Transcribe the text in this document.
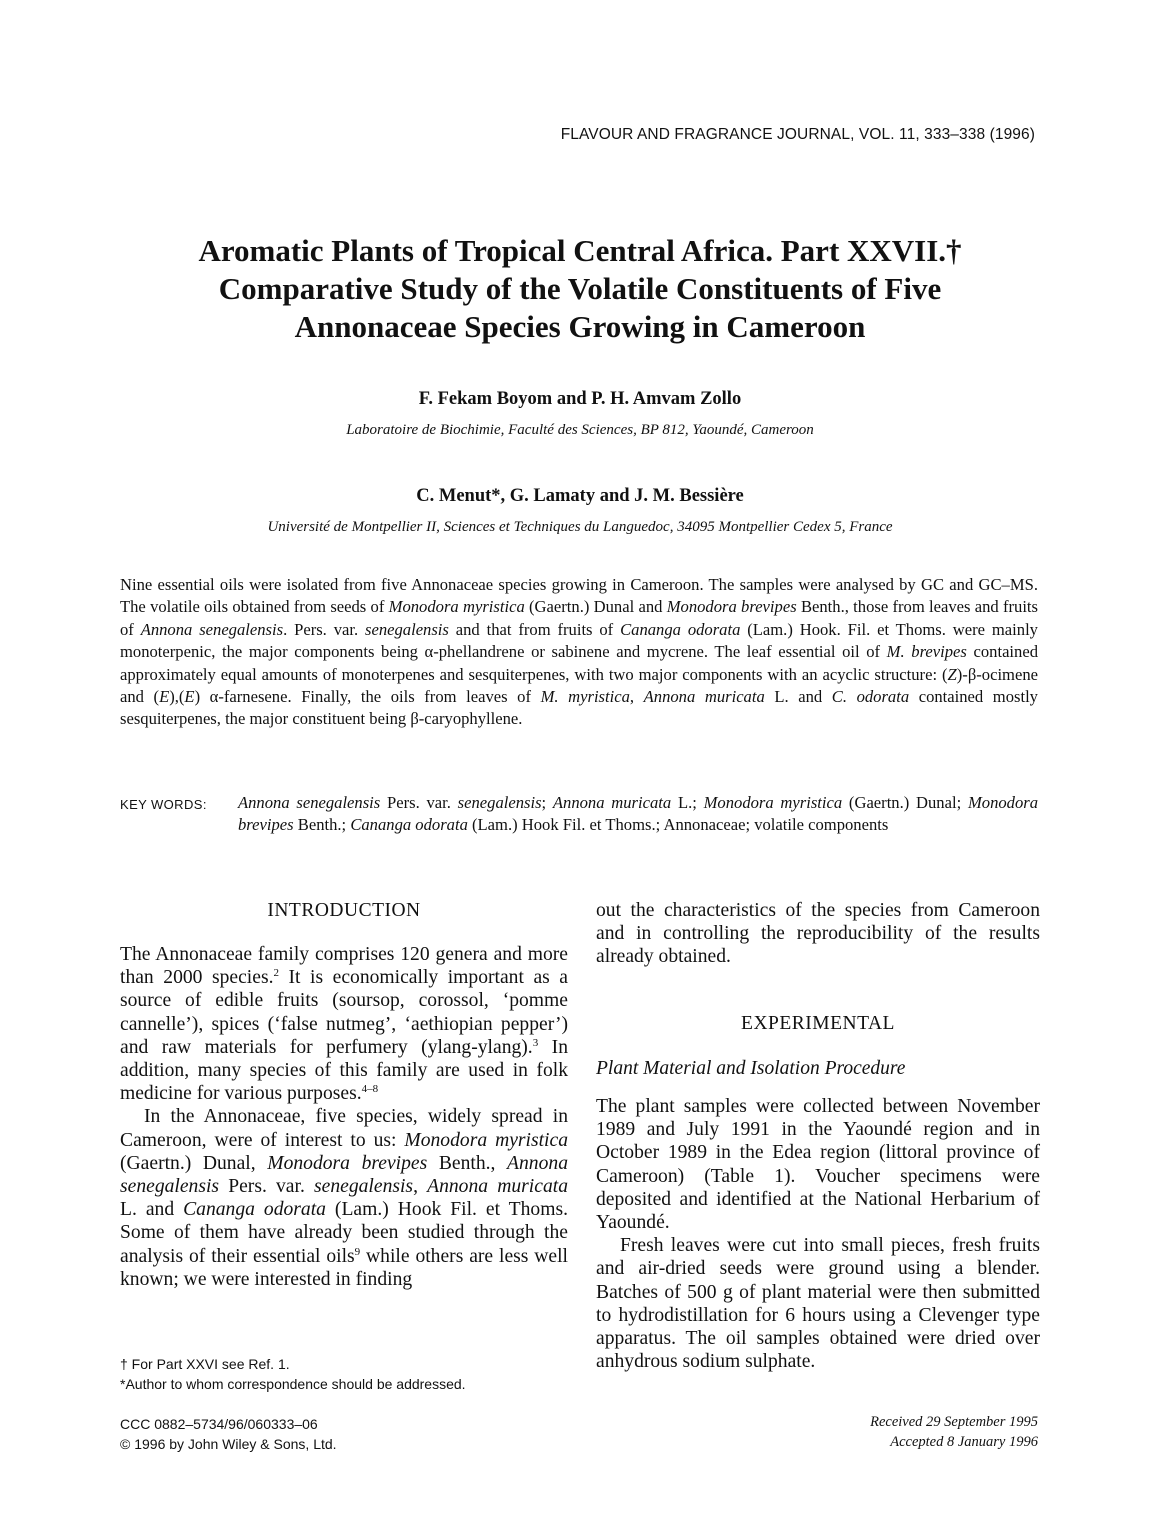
FLAVOUR AND FRAGRANCE JOURNAL, VOL. 11, 333–338 (1996)
Aromatic Plants of Tropical Central Africa. Part XXVII.†
Comparative Study of the Volatile Constituents of Five
Annonaceae Species Growing in Cameroon
F. Fekam Boyom and P. H. Amvam Zollo
Laboratoire de Biochimie, Faculté des Sciences, BP 812, Yaoundé, Cameroon
C. Menut*, G. Lamaty and J. M. Bessière
Université de Montpellier II, Sciences et Techniques du Languedoc, 34095 Montpellier Cedex 5, France
Nine essential oils were isolated from five Annonaceae species growing in Cameroon. The samples were analysed by GC and GC–MS. The volatile oils obtained from seeds of Monodora myristica (Gaertn.) Dunal and Monodora brevipes Benth., those from leaves and fruits of Annona senegalensis. Pers. var. senegalensis and that from fruits of Cananga odorata (Lam.) Hook. Fil. et Thoms. were mainly monoterpenic, the major components being α-phellandrene or sabinene and mycrene. The leaf essential oil of M. brevipes contained approximately equal amounts of monoterpenes and sesquiterpenes, with two major components with an acyclic structure: (Z)-β-ocimene and (E),(E) α-farnesene. Finally, the oils from leaves of M. myristica, Annona muricata L. and C. odorata contained mostly sesquiterpenes, the major constituent being β-caryophyllene.
KEY WORDS: Annona senegalensis Pers. var. senegalensis; Annona muricata L.; Monodora myristica (Gaertn.) Dunal; Monodora brevipes Benth.; Cananga odorata (Lam.) Hook Fil. et Thoms.; Annonaceae; volatile components
INTRODUCTION

The Annonaceae family comprises 120 genera and more than 2000 species.$^2$ It is economically important as a source of edible fruits (soursop, corossol, ‘pomme cannelle’), spices (‘false nutmeg’, ‘aethiopian pepper’) and raw materials for perfumery (ylang-ylang).$^3$ In addition, many species of this family are used in folk medicine for various purposes.$^{4-8}$

In the Annonaceae, five species, widely spread in Cameroon, were of interest to us: Monodora myristica (Gaertn.) Dunal, Monodora brevipes Benth., Annona senegalensis Pers. var. senegalensis, Annona muricata L. and Cananga odorata (Lam.) Hook Fil. et Thoms. Some of them have already been studied through the analysis of their essential oils$^9$ while others are less well known; we were interested in finding

† For Part XXVI see Ref. 1.
*Author to whom correspondence should be addressed.
CCC 0882–5734/96/060333–06
© 1996 by John Wiley & Sons, Ltd.
out the characteristics of the species from Cameroon and in controlling the reproducibility of the results already obtained.
EXPERIMENTAL
Plant Material and Isolation Procedure

The plant samples were collected between November 1989 and July 1991 in the Yaoundé region and in October 1989 in the Edea region (littoral province of Cameroon) (Table 1). Voucher specimens were deposited and identified at the National Herbarium of Yaoundé.

Fresh leaves were cut into small pieces, fresh fruits and air-dried seeds were ground using a blender. Batches of 500 g of plant material were then submitted to hydrodistillation for 6 hours using a Clevenger type apparatus. The oil samples obtained were dried over anhydrous sodium sulphate.

Received 29 September 1995
Accepted 8 January 1996
